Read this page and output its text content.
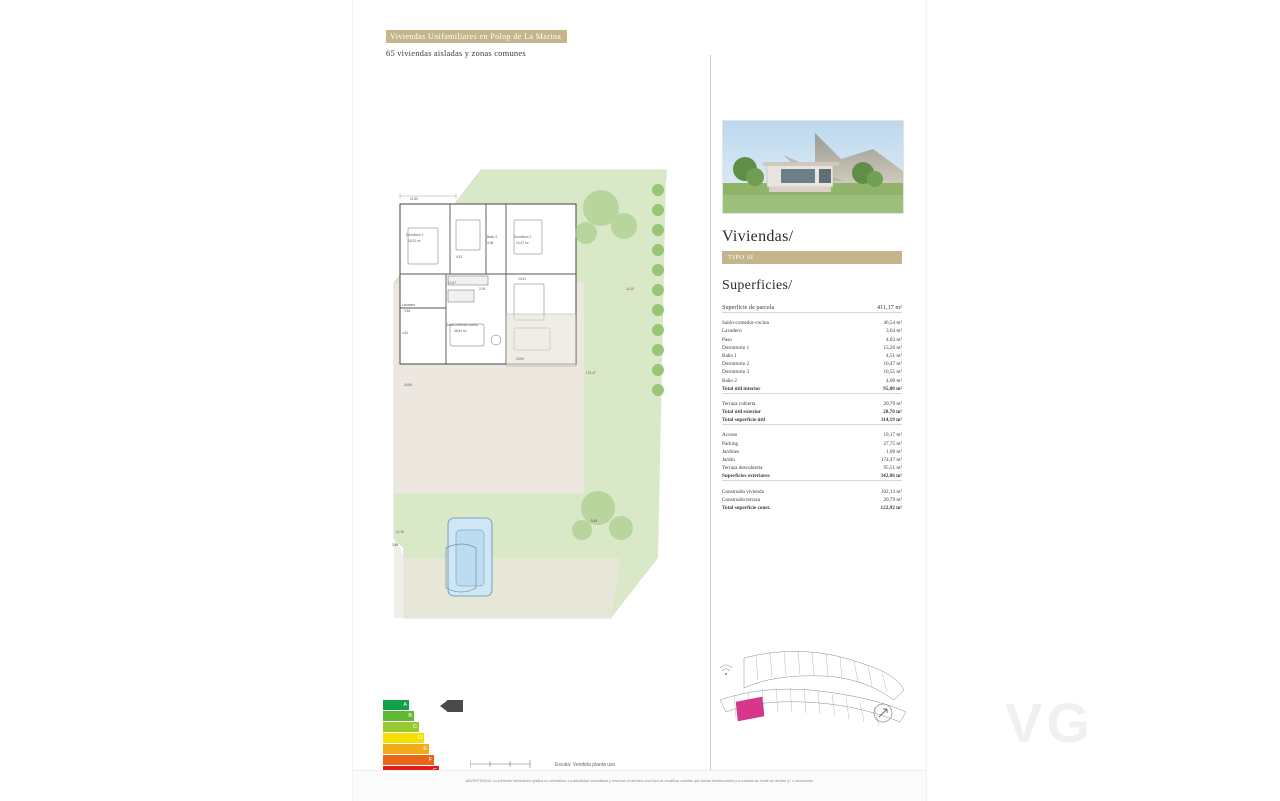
Viviendas Unifamiliares en Polop de La Marina
65 viviendas aisladas y zonas comunes
Dormitorio 1
15,20 m²
4,51
Baño 2
4,08
Dormitorio 2
10,47 m²
2,04
13,47
10,51
Lavadero
3,64
4,51
Salón-comedor-cocina
46,54 m²
20,90
174,47
24,95
14,10
11,15
3,69
5,45
11,80
A
B
C
D
E
F
Escala: Vendida planta uso
Viviendas/
TIPO 6f
Superficies/
Superficie de parcela	411,17 m²

Salón-comedor-cocina	46,54 m²
Lavadero	3,64 m²
Paso	4,03 m²
Dormitorio 1	15,20 m²
Baño 1	4,51 m²
Dormitorio 2	10,47 m²
Dormitorio 3	10,55 m²
Baño 2	4,08 m²
Total útil interior	95,00 m²

Terraza cubierta	20,70 m²
Total útil exterior	20,70 m²
Total superficie útil	114,19 m²

Acceso	19,17 m²
Parking	27,75 m²
Jardines	1,08 m²
Jardín	174,47 m²
Terraza descubierta	95,51 m²
Superficies exteriores	342,86 m²

Construida vivienda	102,13 m²
Construida terraza	20,79 m²
Total superficie const.	122,92 m²
VG

ADVERTENCIA: La presente información gráfica es orientativa. La actualidad inmobiliaria y reservas el derecho a la hora de modificar cuantas que fueran desfavorables y a cuantas sin límite se derivan y / o necesarios.
